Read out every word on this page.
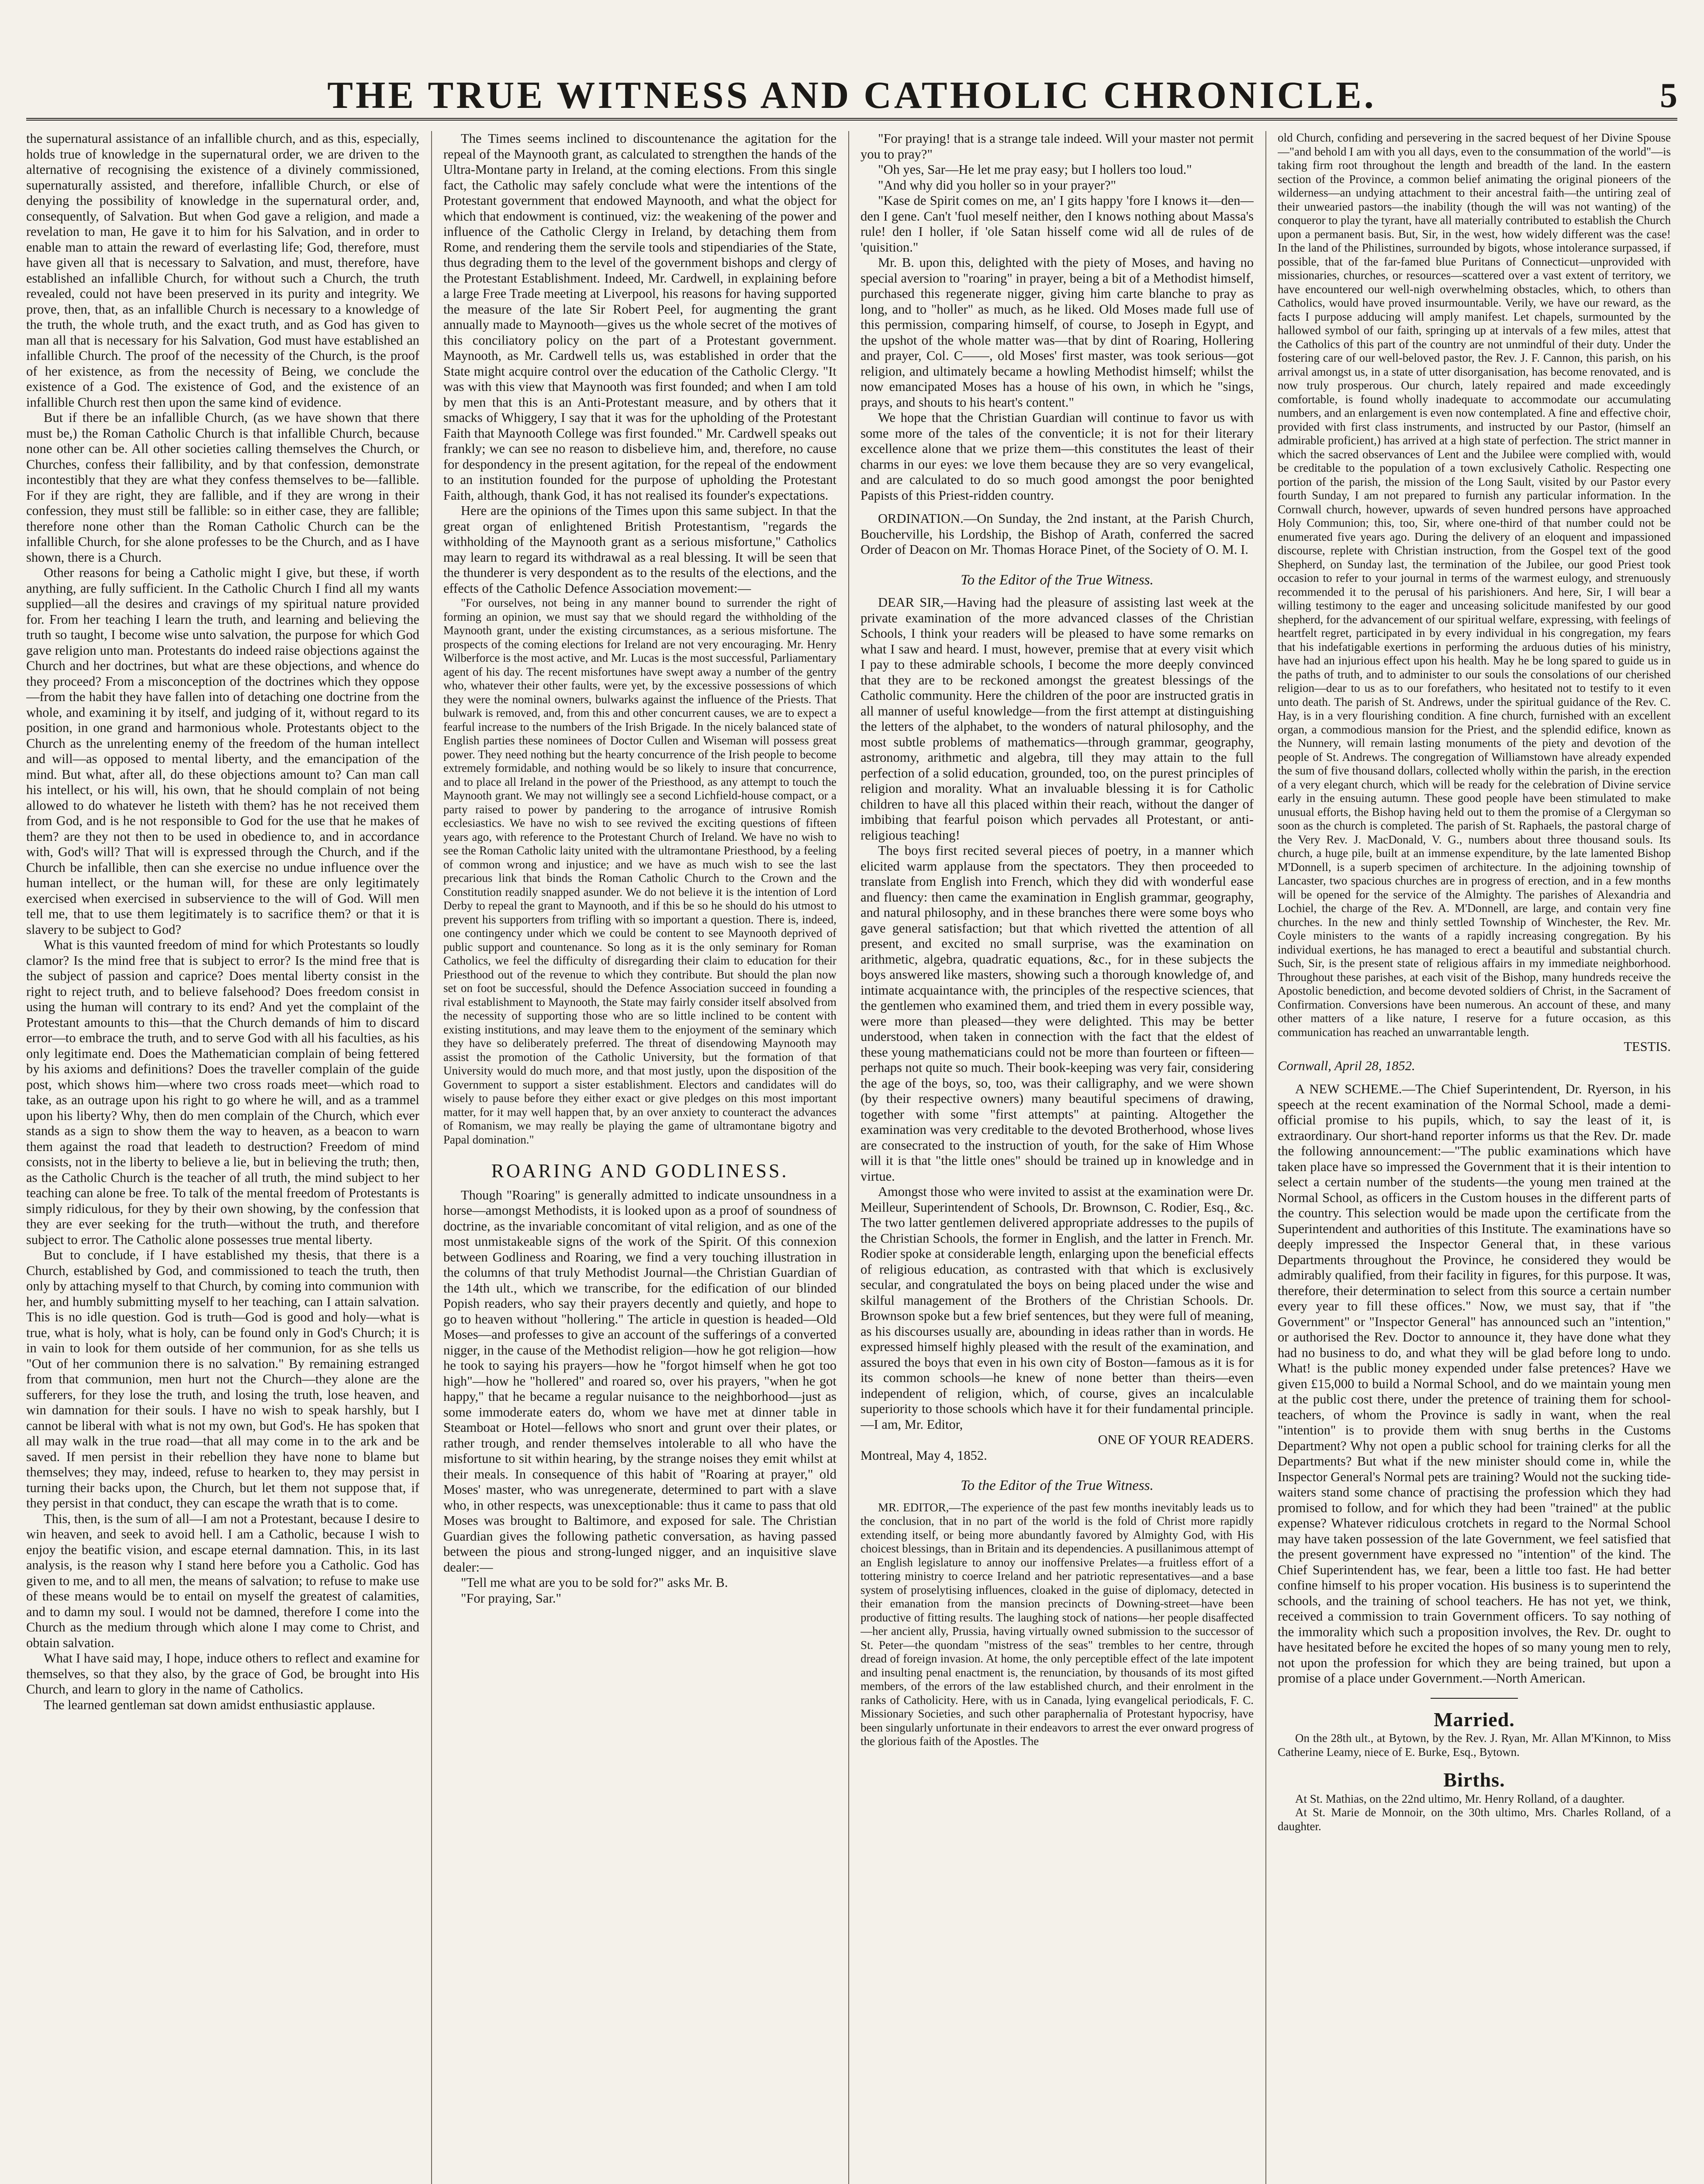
THE TRUE WITNESS AND CATHOLIC CHRONICLE.	5

the supernatural assistance of an infallible church, and as this, especially, holds true of knowledge in the supernatural order, we are driven to the alternative of recognising the existence of a divinely commissioned, supernaturally assisted, and therefore, infallible Church, or else of denying the possibility of knowledge in the supernatural order, and, consequently, of Salvation. But when God gave a religion, and made a revelation to man, He gave it to him for his Salvation, and in order to enable man to attain the reward of everlasting life; God, therefore, must have given all that is necessary to Salvation, and must, therefore, have established an infallible Church, for without such a Church, the truth revealed, could not have been preserved in its purity and integrity. We prove, then, that, as an infallible Church is necessary to a knowledge of the truth, the whole truth, and the exact truth, and as God has given to man all that is necessary for his Salvation, God must have established an infallible Church. The proof of the necessity of the Church, is the proof of her existence, as from the necessity of Being, we conclude the existence of a God. The existence of God, and the existence of an infallible Church rest then upon the same kind of evidence.

But if there be an infallible Church, (as we have shown that there must be,) the Roman Catholic Church is that infallible Church, because none other can be. All other societies calling themselves the Church, or Churches, confess their fallibility, and by that confession, demonstrate incontestibly that they are what they confess themselves to be—fallible. For if they are right, they are fallible, and if they are wrong in their confession, they must still be fallible: so in either case, they are fallible; therefore none other than the Roman Catholic Church can be the infallible Church, for she alone professes to be the Church, and as I have shown, there is a Church.

Other reasons for being a Catholic might I give, but these, if worth anything, are fully sufficient. In the Catholic Church I find all my wants supplied—all the desires and cravings of my spiritual nature provided for. From her teaching I learn the truth, and learning and believing the truth so taught, I become wise unto salvation, the purpose for which God gave religion unto man. Protestants do indeed raise objections against the Church and her doctrines, but what are these objections, and whence do they proceed? From a misconception of the doctrines which they oppose—from the habit they have fallen into of detaching one doctrine from the whole, and examining it by itself, and judging of it, without regard to its position, in one grand and harmonious whole. Protestants object to the Church as the unrelenting enemy of the freedom of the human intellect and will—as opposed to mental liberty, and the emancipation of the mind. But what, after all, do these objections amount to? Can man call his intellect, or his will, his own, that he should complain of not being allowed to do whatever he listeth with them? has he not received them from God, and is he not responsible to God for the use that he makes of them? are they not then to be used in obedience to, and in accordance with, God's will? That will is expressed through the Church, and if the Church be infallible, then can she exercise no undue influence over the human intellect, or the human will, for these are only legitimately exercised when exercised in subservience to the will of God. Will men tell me, that to use them legitimately is to sacrifice them? or that it is slavery to be subject to God?

What is this vaunted freedom of mind for which Protestants so loudly clamor? Is the mind free that is subject to error? Is the mind free that is the subject of passion and caprice? Does mental liberty consist in the right to reject truth, and to believe falsehood? Does freedom consist in using the human will contrary to its end? And yet the complaint of the Protestant amounts to this—that the Church demands of him to discard error—to embrace the truth, and to serve God with all his faculties, as his only legitimate end. Does the Mathematician complain of being fettered by his axioms and definitions? Does the traveller complain of the guide post, which shows him—where two cross roads meet—which road to take, as an outrage upon his right to go where he will, and as a trammel upon his liberty? Why, then do men complain of the Church, which ever stands as a sign to show them the way to heaven, as a beacon to warn them against the road that leadeth to destruction? Freedom of mind consists, not in the liberty to believe a lie, but in believing the truth; then, as the Catholic Church is the teacher of all truth, the mind subject to her teaching can alone be free. To talk of the mental freedom of Protestants is simply ridiculous, for they by their own showing, by the confession that they are ever seeking for the truth—without the truth, and therefore subject to error. The Catholic alone possesses true mental liberty.

But to conclude, if I have established my thesis, that there is a Church, established by God, and commissioned to teach the truth, then only by attaching myself to that Church, by coming into communion with her, and humbly submitting myself to her teaching, can I attain salvation. This is no idle question. God is truth—God is good and holy—what is true, what is holy, what is holy, can be found only in God's Church; it is in vain to look for them outside of her communion, for as she tells us "Out of her communion there is no salvation." By remaining estranged from that communion, men hurt not the Church—they alone are the sufferers, for they lose the truth, and losing the truth, lose heaven, and win damnation for their souls. I have no wish to speak harshly, but I cannot be liberal with what is not my own, but God's. He has spoken that all may walk in the true road—that all may come in to the ark and be saved. If men persist in their rebellion they have none to blame but themselves; they may, indeed, refuse to hearken to, they may persist in turning their backs upon, the Church, but let them not suppose that, if they persist in that conduct, they can escape the wrath that is to come.

This, then, is the sum of all—I am not a Protestant, because I desire to win heaven, and seek to avoid hell. I am a Catholic, because I wish to enjoy the beatific vision, and escape eternal damnation. This, in its last analysis, is the reason why I stand here before you a Catholic. God has given to me, and to all men, the means of salvation; to refuse to make use of these means would be to entail on myself the greatest of calamities, and to damn my soul. I would not be damned, therefore I come into the Church as the medium through which alone I may come to Christ, and obtain salvation.

What I have said may, I hope, induce others to reflect and examine for themselves, so that they also, by the grace of God, be brought into His Church, and learn to glory in the name of Catholics.

The learned gentleman sat down amidst enthusiastic applause.

The Times seems inclined to discountenance the agitation for the repeal of the Maynooth grant, as calculated to strengthen the hands of the Ultra-Montane party in Ireland, at the coming elections. From this single fact, the Catholic may safely conclude what were the intentions of the Protestant government that endowed Maynooth, and what the object for which that endowment is continued, viz: the weakening of the power and influence of the Catholic Clergy in Ireland, by detaching them from Rome, and rendering them the servile tools and stipendiaries of the State, thus degrading them to the level of the government bishops and clergy of the Protestant Establishment. Indeed, Mr. Cardwell, in explaining before a large Free Trade meeting at Liverpool, his reasons for having supported the measure of the late Sir Robert Peel, for augmenting the grant annually made to Maynooth—gives us the whole secret of the motives of this conciliatory policy on the part of a Protestant government. Maynooth, as Mr. Cardwell tells us, was established in order that the State might acquire control over the education of the Catholic Clergy. "It was with this view that Maynooth was first founded; and when I am told by men that this is an Anti-Protestant measure, and by others that it smacks of Whiggery, I say that it was for the upholding of the Protestant Faith that Maynooth College was first founded." Mr. Cardwell speaks out frankly; we can see no reason to disbelieve him, and, therefore, no cause for despondency in the present agitation, for the repeal of the endowment to an institution founded for the purpose of upholding the Protestant Faith, although, thank God, it has not realised its founder's expectations.

Here are the opinions of the Times upon this same subject. In that the great organ of enlightened British Protestantism, "regards the withholding of the Maynooth grant as a serious misfortune," Catholics may learn to regard its withdrawal as a real blessing. It will be seen that the thunderer is very despondent as to the results of the elections, and the effects of the Catholic Defence Association movement:—

"For ourselves, not being in any manner bound to surrender the right of forming an opinion, we must say that we should regard the withholding of the Maynooth grant, under the existing circumstances, as a serious misfortune. The prospects of the coming elections for Ireland are not very encouraging. Mr. Henry Wilberforce is the most active, and Mr. Lucas is the most successful, Parliamentary agent of his day. The recent misfortunes have swept away a number of the gentry who, whatever their other faults, were yet, by the excessive possessions of which they were the nominal owners, bulwarks against the influence of the Priests. That bulwark is removed, and, from this and other concurrent causes, we are to expect a fearful increase to the numbers of the Irish Brigade. In the nicely balanced state of English parties these nominees of Doctor Cullen and Wiseman will possess great power. They need nothing but the hearty concurrence of the Irish people to become extremely formidable, and nothing would be so likely to insure that concurrence, and to place all Ireland in the power of the Priesthood, as any attempt to touch the Maynooth grant. We may not willingly see a second Lichfield-house compact, or a party raised to power by pandering to the arrogance of intrusive Romish ecclesiastics. We have no wish to see revived the exciting questions of fifteen years ago, with reference to the Protestant Church of Ireland. We have no wish to see the Roman Catholic laity united with the ultramontane Priesthood, by a feeling of common wrong and injustice; and we have as much wish to see the last precarious link that binds the Roman Catholic Church to the Crown and the Constitution readily snapped asunder. We do not believe it is the intention of Lord Derby to repeal the grant to Maynooth, and if this be so he should do his utmost to prevent his supporters from trifling with so important a question. There is, indeed, one contingency under which we could be content to see Maynooth deprived of public support and countenance. So long as it is the only seminary for Roman Catholics, we feel the difficulty of disregarding their claim to education for their Priesthood out of the revenue to which they contribute. But should the plan now set on foot be successful, should the Defence Association succeed in founding a rival establishment to Maynooth, the State may fairly consider itself absolved from the necessity of supporting those who are so little inclined to be content with existing institutions, and may leave them to the enjoyment of the seminary which they have so deliberately preferred. The threat of disendowing Maynooth may assist the promotion of the Catholic University, but the formation of that University would do much more, and that most justly, upon the disposition of the Government to support a sister establishment. Electors and candidates will do wisely to pause before they either exact or give pledges on this most important matter, for it may well happen that, by an over anxiety to counteract the advances of Romanism, we may really be playing the game of ultramontane bigotry and Papal domination."

ROARING AND GODLINESS.

Though "Roaring" is generally admitted to indicate unsoundness in a horse—amongst Methodists, it is looked upon as a proof of soundness of doctrine, as the invariable concomitant of vital religion, and as one of the most unmistakeable signs of the work of the Spirit. Of this connexion between Godliness and Roaring, we find a very touching illustration in the columns of that truly Methodist Journal—the Christian Guardian of the 14th ult., which we transcribe, for the edification of our blinded Popish readers, who say their prayers decently and quietly, and hope to go to heaven without "hollering." The article in question is headed—Old Moses—and professes to give an account of the sufferings of a converted nigger, in the cause of the Methodist religion—how he got religion—how he took to saying his prayers—how he "forgot himself when he got too high"—how he "hollered" and roared so, over his prayers, "when he got happy," that he became a regular nuisance to the neighborhood—just as some immoderate eaters do, whom we have met at dinner table in Steamboat or Hotel—fellows who snort and grunt over their plates, or rather trough, and render themselves intolerable to all who have the misfortune to sit within hearing, by the strange noises they emit whilst at their meals. In consequence of this habit of "Roaring at prayer," old Moses' master, who was unregenerate, determined to part with a slave who, in other respects, was unexceptionable: thus it came to pass that old Moses was brought to Baltimore, and exposed for sale. The Christian Guardian gives the following pathetic conversation, as having passed between the pious and strong-lunged nigger, and an inquisitive slave dealer:—

"Tell me what are you to be sold for?" asks Mr. B.

"For praying, Sar."

"For praying! that is a strange tale indeed. Will your master not permit you to pray?"

"Oh yes, Sar—He let me pray easy; but I hollers too loud."

"And why did you holler so in your prayer?"

"Kase de Spirit comes on me, an' I gits happy 'fore I knows it—den—den I gene. Can't 'fuol meself neither, den I knows nothing about Massa's rule! den I holler, if 'ole Satan hisself come wid all de rules of de 'quisition."

Mr. B. upon this, delighted with the piety of Moses, and having no special aversion to "roaring" in prayer, being a bit of a Methodist himself, purchased this regenerate nigger, giving him carte blanche to pray as long, and to "holler" as much, as he liked. Old Moses made full use of this permission, comparing himself, of course, to Joseph in Egypt, and the upshot of the whole matter was—that by dint of Roaring, Hollering and prayer, Col. C——, old Moses' first master, was took serious—got religion, and ultimately became a howling Methodist himself; whilst the now emancipated Moses has a house of his own, in which he "sings, prays, and shouts to his heart's content."

We hope that the Christian Guardian will continue to favor us with some more of the tales of the conventicle; it is not for their literary excellence alone that we prize them—this constitutes the least of their charms in our eyes: we love them because they are so very evangelical, and are calculated to do so much good amongst the poor benighted Papists of this Priest-ridden country.

ORDINATION.—On Sunday, the 2nd instant, at the Parish Church, Boucherville, his Lordship, the Bishop of Arath, conferred the sacred Order of Deacon on Mr. Thomas Horace Pinet, of the Society of O. M. I.

To the Editor of the True Witness.

DEAR SIR,—Having had the pleasure of assisting last week at the private examination of the more advanced classes of the Christian Schools, I think your readers will be pleased to have some remarks on what I saw and heard. I must, however, premise that at every visit which I pay to these admirable schools, I become the more deeply convinced that they are to be reckoned amongst the greatest blessings of the Catholic community. Here the children of the poor are instructed gratis in all manner of useful knowledge—from the first attempt at distinguishing the letters of the alphabet, to the wonders of natural philosophy, and the most subtle problems of mathematics—through grammar, geography, astronomy, arithmetic and algebra, till they may attain to the full perfection of a solid education, grounded, too, on the purest principles of religion and morality. What an invaluable blessing it is for Catholic children to have all this placed within their reach, without the danger of imbibing that fearful poison which pervades all Protestant, or anti-religious teaching!

The boys first recited several pieces of poetry, in a manner which elicited warm applause from the spectators. They then proceeded to translate from English into French, which they did with wonderful ease and fluency: then came the examination in English grammar, geography, and natural philosophy, and in these branches there were some boys who gave general satisfaction; but that which rivetted the attention of all present, and excited no small surprise, was the examination on arithmetic, algebra, quadratic equations, &c., for in these subjects the boys answered like masters, showing such a thorough knowledge of, and intimate acquaintance with, the principles of the respective sciences, that the gentlemen who examined them, and tried them in every possible way, were more than pleased—they were delighted. This may be better understood, when taken in connection with the fact that the eldest of these young mathematicians could not be more than fourteen or fifteen—perhaps not quite so much. Their book-keeping was very fair, considering the age of the boys, so, too, was their calligraphy, and we were shown (by their respective owners) many beautiful specimens of drawing, together with some "first attempts" at painting. Altogether the examination was very creditable to the devoted Brotherhood, whose lives are consecrated to the instruction of youth, for the sake of Him Whose will it is that "the little ones" should be trained up in knowledge and in virtue.

Amongst those who were invited to assist at the examination were Dr. Meilleur, Superintendent of Schools, Dr. Brownson, C. Rodier, Esq., &c. The two latter gentlemen delivered appropriate addresses to the pupils of the Christian Schools, the former in English, and the latter in French. Mr. Rodier spoke at considerable length, enlarging upon the beneficial effects of religious education, as contrasted with that which is exclusively secular, and congratulated the boys on being placed under the wise and skilful management of the Brothers of the Christian Schools. Dr. Brownson spoke but a few brief sentences, but they were full of meaning, as his discourses usually are, abounding in ideas rather than in words. He expressed himself highly pleased with the result of the examination, and assured the boys that even in his own city of Boston—famous as it is for its common schools—he knew of none better than theirs—even independent of religion, which, of course, gives an incalculable superiority to those schools which have it for their fundamental principle.—I am, Mr. Editor,

ONE OF YOUR READERS.

Montreal, May 4, 1852.

To the Editor of the True Witness.

MR. EDITOR,—The experience of the past few months inevitably leads us to the conclusion, that in no part of the world is the fold of Christ more rapidly extending itself, or being more abundantly favored by Almighty God, with His choicest blessings, than in Britain and its dependencies. A pusillanimous attempt of an English legislature to annoy our inoffensive Prelates—a fruitless effort of a tottering ministry to coerce Ireland and her patriotic representatives—and a base system of proselytising influences, cloaked in the guise of diplomacy, detected in their emanation from the mansion precincts of Downing-street—have been productive of fitting results. The laughing stock of nations—her people disaffected—her ancient ally, Prussia, having virtually owned submission to the successor of St. Peter—the quondam "mistress of the seas" trembles to her centre, through dread of foreign invasion. At home, the only perceptible effect of the late impotent and insulting penal enactment is, the renunciation, by thousands of its most gifted members, of the errors of the law established church, and their enrolment in the ranks of Catholicity. Here, with us in Canada, lying evangelical periodicals, F. C. Missionary Societies, and such other paraphernalia of Protestant hypocrisy, have been singularly unfortunate in their endeavors to arrest the ever onward progress of the glorious faith of the Apostles. The

old Church, confiding and persevering in the sacred bequest of her Divine Spouse—"and behold I am with you all days, even to the consummation of the world"—is taking firm root throughout the length and breadth of the land. In the eastern section of the Province, a common belief animating the original pioneers of the wilderness—an undying attachment to their ancestral faith—the untiring zeal of their unwearied pastors—the inability (though the will was not wanting) of the conqueror to play the tyrant, have all materially contributed to establish the Church upon a permanent basis. But, Sir, in the west, how widely different was the case! In the land of the Philistines, surrounded by bigots, whose intolerance surpassed, if possible, that of the far-famed blue Puritans of Connecticut—unprovided with missionaries, churches, or resources—scattered over a vast extent of territory, we have encountered our well-nigh overwhelming obstacles, which, to others than Catholics, would have proved insurmountable. Verily, we have our reward, as the facts I purpose adducing will amply manifest. Let chapels, surmounted by the hallowed symbol of our faith, springing up at intervals of a few miles, attest that the Catholics of this part of the country are not unmindful of their duty. Under the fostering care of our well-beloved pastor, the Rev. J. F. Cannon, this parish, on his arrival amongst us, in a state of utter disorganisation, has become renovated, and is now truly prosperous. Our church, lately repaired and made exceedingly comfortable, is found wholly inadequate to accommodate our accumulating numbers, and an enlargement is even now contemplated. A fine and effective choir, provided with first class instruments, and instructed by our Pastor, (himself an admirable proficient,) has arrived at a high state of perfection. The strict manner in which the sacred observances of Lent and the Jubilee were complied with, would be creditable to the population of a town exclusively Catholic. Respecting one portion of the parish, the mission of the Long Sault, visited by our Pastor every fourth Sunday, I am not prepared to furnish any particular information. In the Cornwall church, however, upwards of seven hundred persons have approached Holy Communion; this, too, Sir, where one-third of that number could not be enumerated five years ago. During the delivery of an eloquent and impassioned discourse, replete with Christian instruction, from the Gospel text of the good Shepherd, on Sunday last, the termination of the Jubilee, our good Priest took occasion to refer to your journal in terms of the warmest eulogy, and strenuously recommended it to the perusal of his parishioners. And here, Sir, I will bear a willing testimony to the eager and unceasing solicitude manifested by our good shepherd, for the advancement of our spiritual welfare, expressing, with feelings of heartfelt regret, participated in by every individual in his congregation, my fears that his indefatigable exertions in performing the arduous duties of his ministry, have had an injurious effect upon his health. May he be long spared to guide us in the paths of truth, and to administer to our souls the consolations of our cherished religion—dear to us as to our forefathers, who hesitated not to testify to it even unto death. The parish of St. Andrews, under the spiritual guidance of the Rev. C. Hay, is in a very flourishing condition. A fine church, furnished with an excellent organ, a commodious mansion for the Priest, and the splendid edifice, known as the Nunnery, will remain lasting monuments of the piety and devotion of the people of St. Andrews. The congregation of Williamstown have already expended the sum of five thousand dollars, collected wholly within the parish, in the erection of a very elegant church, which will be ready for the celebration of Divine service early in the ensuing autumn. These good people have been stimulated to make unusual efforts, the Bishop having held out to them the promise of a Clergyman so soon as the church is completed. The parish of St. Raphaels, the pastoral charge of the Very Rev. J. MacDonald, V. G., numbers about three thousand souls. Its church, a huge pile, built at an immense expenditure, by the late lamented Bishop M'Donnell, is a superb specimen of architecture. In the adjoining township of Lancaster, two spacious churches are in progress of erection, and in a few months will be opened for the service of the Almighty. The parishes of Alexandria and Lochiel, the charge of the Rev. A. M'Donnell, are large, and contain very fine churches. In the new and thinly settled Township of Winchester, the Rev. Mr. Coyle ministers to the wants of a rapidly increasing congregation. By his individual exertions, he has managed to erect a beautiful and substantial church. Such, Sir, is the present state of religious affairs in my immediate neighborhood. Throughout these parishes, at each visit of the Bishop, many hundreds receive the Apostolic benediction, and become devoted soldiers of Christ, in the Sacrament of Confirmation. Conversions have been numerous. An account of these, and many other matters of a like nature, I reserve for a future occasion, as this communication has reached an unwarrantable length.

TESTIS.

Cornwall, April 28, 1852.

A NEW SCHEME.—The Chief Superintendent, Dr. Ryerson, in his speech at the recent examination of the Normal School, made a demi-official promise to his pupils, which, to say the least of it, is extraordinary. Our short-hand reporter informs us that the Rev. Dr. made the following announcement:—"The public examinations which have taken place have so impressed the Government that it is their intention to select a certain number of the students—the young men trained at the Normal School, as officers in the Custom houses in the different parts of the country. This selection would be made upon the certificate from the Superintendent and authorities of this Institute. The examinations have so deeply impressed the Inspector General that, in these various Departments throughout the Province, he considered they would be admirably qualified, from their facility in figures, for this purpose. It was, therefore, their determination to select from this source a certain number every year to fill these offices." Now, we must say, that if "the Government" or "Inspector General" has announced such an "intention," or authorised the Rev. Doctor to announce it, they have done what they had no business to do, and what they will be glad before long to undo. What! is the public money expended under false pretences? Have we given £15,000 to build a Normal School, and do we maintain young men at the public cost there, under the pretence of training them for school-teachers, of whom the Province is sadly in want, when the real "intention" is to provide them with snug berths in the Customs Department? Why not open a public school for training clerks for all the Departments? But what if the new minister should come in, while the Inspector General's Normal pets are training? Would not the sucking tide-waiters stand some chance of practising the profession which they had promised to follow, and for which they had been "trained" at the public expense? Whatever ridiculous crotchets in regard to the Normal School may have taken possession of the late Government, we feel satisfied that the present government have expressed no "intention" of the kind. The Chief Superintendent has, we fear, been a little too fast. He had better confine himself to his proper vocation. His business is to superintend the schools, and the training of school teachers. He has not yet, we think, received a commission to train Government officers. To say nothing of the immorality which such a proposition involves, the Rev. Dr. ought to have hesitated before he excited the hopes of so many young men to rely, not upon the profession for which they are being trained, but upon a promise of a place under Government.—North American.

Married.

On the 28th ult., at Bytown, by the Rev. J. Ryan, Mr. Allan M'Kinnon, to Miss Catherine Leamy, niece of E. Burke, Esq., Bytown.

Births.

At St. Mathias, on the 22nd ultimo, Mr. Henry Rolland, of a daughter.

At St. Marie de Monnoir, on the 30th ultimo, Mrs. Charles Rolland, of a daughter.
